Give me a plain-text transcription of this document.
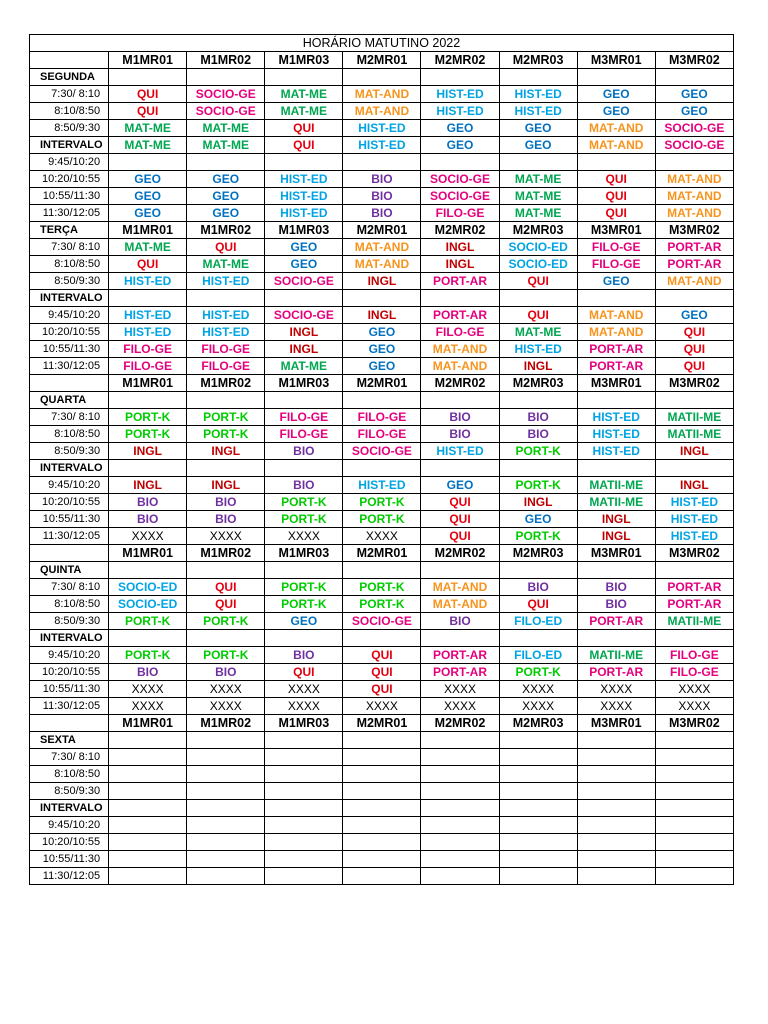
HORÁRIO MATUTINO 2022								
	M1MR01	M1MR02	M1MR03	M2MR01	M2MR02	M2MR03	M3MR01	M3MR02
SEGUNDA								
7:30/ 8:10	QUI	SOCIO-GE	MAT-ME	MAT-AND	HIST-ED	HIST-ED	GEO	GEO
8:10/8:50	QUI	SOCIO-GE	MAT-ME	MAT-AND	HIST-ED	HIST-ED	GEO	GEO
8:50/9:30	MAT-ME	MAT-ME	QUI	HIST-ED	GEO	GEO	MAT-AND	SOCIO-GE
INTERVALO	MAT-ME	MAT-ME	QUI	HIST-ED	GEO	GEO	MAT-AND	SOCIO-GE
9:45/10:20								
10:20/10:55	GEO	GEO	HIST-ED	BIO	SOCIO-GE	MAT-ME	QUI	MAT-AND
10:55/11:30	GEO	GEO	HIST-ED	BIO	SOCIO-GE	MAT-ME	QUI	MAT-AND
11:30/12:05	GEO	GEO	HIST-ED	BIO	FILO-GE	MAT-ME	QUI	MAT-AND
TERÇA	M1MR01	M1MR02	M1MR03	M2MR01	M2MR02	M2MR03	M3MR01	M3MR02
7:30/ 8:10	MAT-ME	QUI	GEO	MAT-AND	INGL	SOCIO-ED	FILO-GE	PORT-AR
8:10/8:50	QUI	MAT-ME	GEO	MAT-AND	INGL	SOCIO-ED	FILO-GE	PORT-AR
8:50/9:30	HIST-ED	HIST-ED	SOCIO-GE	INGL	PORT-AR	QUI	GEO	MAT-AND
INTERVALO								
9:45/10:20	HIST-ED	HIST-ED	SOCIO-GE	INGL	PORT-AR	QUI	MAT-AND	GEO
10:20/10:55	HIST-ED	HIST-ED	INGL	GEO	FILO-GE	MAT-ME	MAT-AND	QUI
10:55/11:30	FILO-GE	FILO-GE	INGL	GEO	MAT-AND	HIST-ED	PORT-AR	QUI
11:30/12:05	FILO-GE	FILO-GE	MAT-ME	GEO	MAT-AND	INGL	PORT-AR	QUI
	M1MR01	M1MR02	M1MR03	M2MR01	M2MR02	M2MR03	M3MR01	M3MR02
QUARTA								
7:30/ 8:10	PORT-K	PORT-K	FILO-GE	FILO-GE	BIO	BIO	HIST-ED	MATII-ME
8:10/8:50	PORT-K	PORT-K	FILO-GE	FILO-GE	BIO	BIO	HIST-ED	MATII-ME
8:50/9:30	INGL	INGL	BIO	SOCIO-GE	HIST-ED	PORT-K	HIST-ED	INGL
INTERVALO								
9:45/10:20	INGL	INGL	BIO	HIST-ED	GEO	PORT-K	MATII-ME	INGL
10:20/10:55	BIO	BIO	PORT-K	PORT-K	QUI	INGL	MATII-ME	HIST-ED
10:55/11:30	BIO	BIO	PORT-K	PORT-K	QUI	GEO	INGL	HIST-ED
11:30/12:05	XXXX	XXXX	XXXX	XXXX	QUI	PORT-K	INGL	HIST-ED
	M1MR01	M1MR02	M1MR03	M2MR01	M2MR02	M2MR03	M3MR01	M3MR02
QUINTA								
7:30/ 8:10	SOCIO-ED	QUI	PORT-K	PORT-K	MAT-AND	BIO	BIO	PORT-AR
8:10/8:50	SOCIO-ED	QUI	PORT-K	PORT-K	MAT-AND	QUI	BIO	PORT-AR
8:50/9:30	PORT-K	PORT-K	GEO	SOCIO-GE	BIO	FILO-ED	PORT-AR	MATII-ME
INTERVALO								
9:45/10:20	PORT-K	PORT-K	BIO	QUI	PORT-AR	FILO-ED	MATII-ME	FILO-GE
10:20/10:55	BIO	BIO	QUI	QUI	PORT-AR	PORT-K	PORT-AR	FILO-GE
10:55/11:30	XXXX	XXXX	XXXX	QUI	XXXX	XXXX	XXXX	XXXX
11:30/12:05	XXXX	XXXX	XXXX	XXXX	XXXX	XXXX	XXXX	XXXX
	M1MR01	M1MR02	M1MR03	M2MR01	M2MR02	M2MR03	M3MR01	M3MR02
SEXTA								
7:30/ 8:10								
8:10/8:50								
8:50/9:30								
INTERVALO								
9:45/10:20								
10:20/10:55								
10:55/11:30								
11:30/12:05								
